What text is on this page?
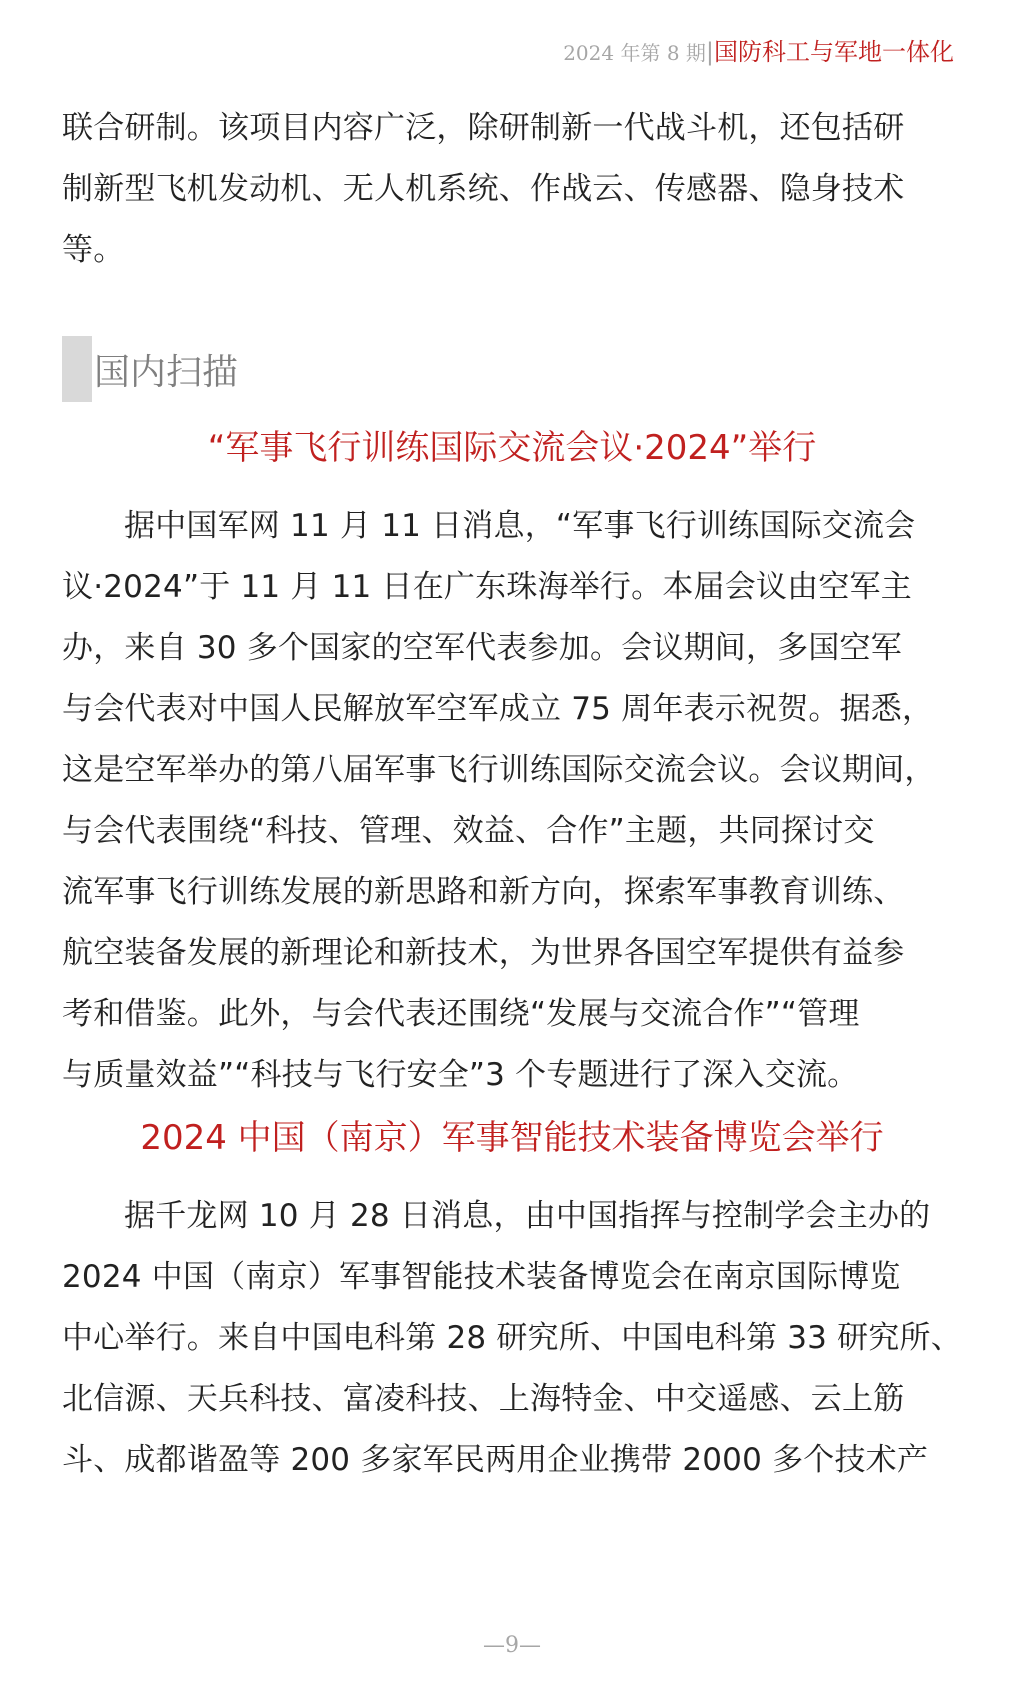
2024 年第 8 期|国防科工与军地一体化

联合研制。该项目内容广泛，除研制新一代战斗机，还包括研
制新型飞机发动机、无人机系统、作战云、传感器、隐身技术
等。

国内扫描
“军事飞行训练国际交流会议·2024”举行

据中国军网 11 月 11 日消息，“军事飞行训练国际交流会
议·2024”于 11 月 11 日在广东珠海举行。本届会议由空军主
办，来自 30 多个国家的空军代表参加。会议期间，多国空军
与会代表对中国人民解放军空军成立 75 周年表示祝贺。据悉，
这是空军举办的第八届军事飞行训练国际交流会议。会议期间，
与会代表围绕“科技、管理、效益、合作”主题，共同探讨交
流军事飞行训练发展的新思路和新方向，探索军事教育训练、
航空装备发展的新理论和新技术，为世界各国空军提供有益参
考和借鉴。此外，与会代表还围绕“发展与交流合作”“管理
与质量效益”“科技与飞行安全”3 个专题进行了深入交流。

2024 中国（南京）军事智能技术装备博览会举行

据千龙网 10 月 28 日消息，由中国指挥与控制学会主办的
2024 中国（南京）军事智能技术装备博览会在南京国际博览
中心举行。来自中国电科第 28 研究所、中国电科第 33 研究所、
北信源、天兵科技、富凌科技、上海特金、中交遥感、云上筋
斗、成都谐盈等 200 多家军民两用企业携带 2000 多个技术产

—9—
